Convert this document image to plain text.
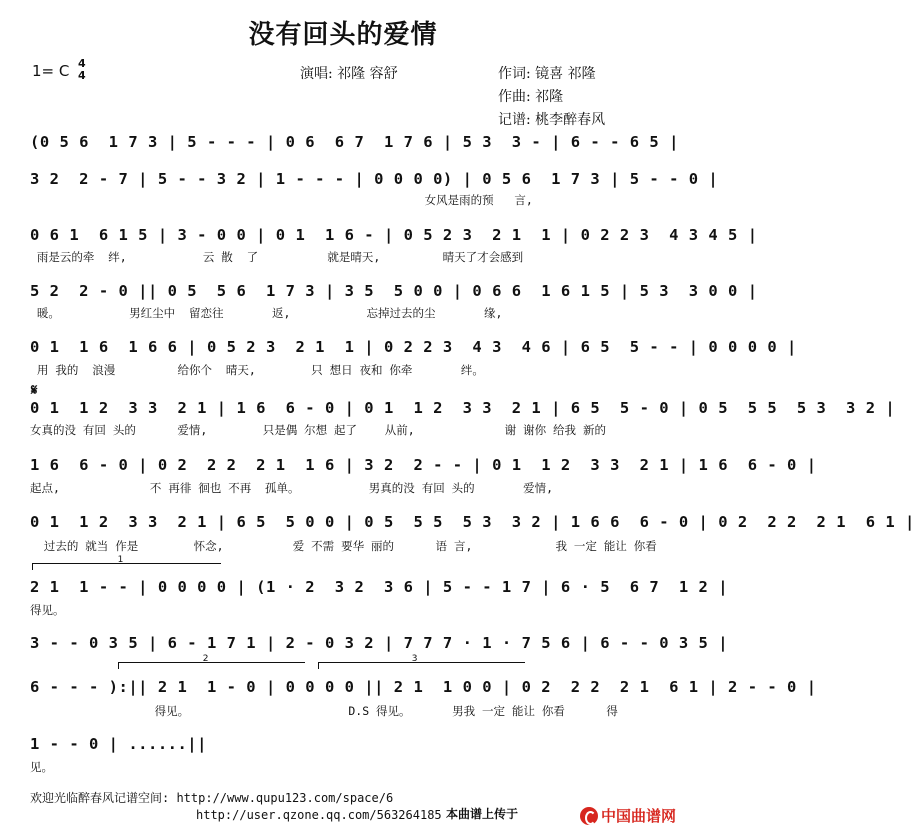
没有回头的爱情
1= C 4
4	演唱: 祁隆 容舒	作词: 镜喜 祁隆
作曲: 祁隆
记谱: 桃李醉春风
(0 5 6  1 7 3 | 5 - - - | 0 6  6 7  1 7 6 | 5 3  3 - | 6 - - 6 5 |
3 2  2 - 7 | 5 - - 3 2 | 1 - - - | 0 0 0 0) | 0 5 6  1 7 3 | 5 - - 0 |
女风是雨的预   言,
0 6 1  6 1 5 | 3 - 0 0 | 0 1  1 6 - | 0 5 2 3  2 1  1 | 0 2 2 3  4 3 4 5 |
雨是云的牵  绊,           云 散  了          就是晴天,         晴天了才会感到
5 2  2 - 0 || 0 5  5 6  1 7 3 | 3 5  5 0 0 | 0 6 6  1 6 1 5 | 5 3  3 0 0 |
暖。          男红尘中  留恋往       返,           忘掉过去的尘       缘,
0 1  1 6  1 6 6 | 0 5 2 3  2 1  1 | 0 2 2 3  4 3  4 6 | 6 5  5 - - | 0 0 0 0 |
用 我的  浪漫         给你个  晴天,        只 想日 夜和 你牵       绊。
𝄋
0 1  1 2  3 3  2 1 | 1 6  6 - 0 | 0 1  1 2  3 3  2 1 | 6 5  5 - 0 | 0 5  5 5  5 3  3 2 |
女真的没 有回 头的      爱情,        只是偶 尔想 起了    从前,             谢 谢你 给我 新的
1 6  6 - 0 | 0 2  2 2  2 1  1 6 | 3 2  2 - - | 0 1  1 2  3 3  2 1 | 1 6  6 - 0 |
起点,             不 再徘 徊也 不再  孤单。          男真的没 有回 头的       爱情,
0 1  1 2  3 3  2 1 | 6 5  5 0 0 | 0 5  5 5  5 3  3 2 | 1 6 6  6 - 0 | 0 2  2 2  2 1  6 1 |
过去的 就当 作是        怀念,          爱 不需 要华 丽的      语 言,            我 一定 能让 你看
1
2 1  1 - - | 0 0 0 0 | (1 · 2  3 2  3 6 | 5 - - 1 7 | 6 · 5  6 7  1 2 |
得见。
3 - - 0 3 5 | 6 - 1 7 1 | 2 - 0 3 2 | 7 7 7 · 1 · 7 5 6 | 6 - - 0 3 5 |
2	3
6 - - - ):|| 2 1  1 - 0 | 0 0 0 0 || 2 1  1 0 0 | 0 2  2 2  2 1  6 1 | 2 - - 0 |
得见。                       D.S 得见。      男我 一定 能让 你看      得
1 - - 0 | ......||
见。
欢迎光临醉春风记谱空间: http://www.qupu123.com/space/6
http://user.qzone.qq.com/563264185 本曲谱上传于	中国曲谱网
